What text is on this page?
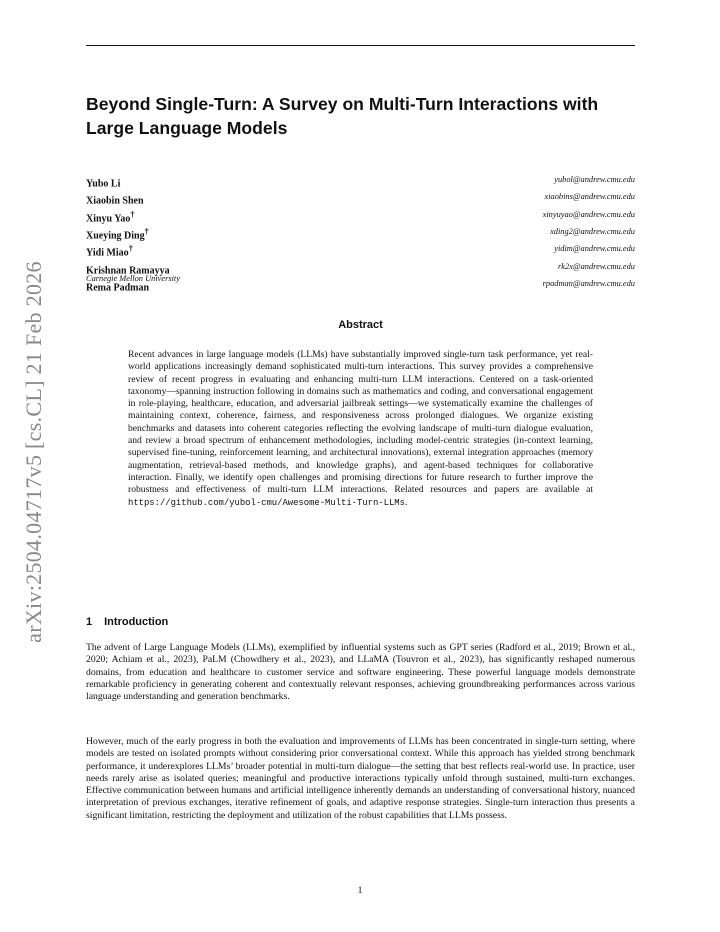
arXiv:2504.04717v5 [cs.CL] 21 Feb 2026
Beyond Single-Turn: A Survey on Multi-Turn Interactions with Large Language Models
Yubo Li	yubol@andrew.cmu.edu
Xiaobin Shen	xiaobins@andrew.cmu.edu
Xinyu Yao†	xinyuyao@andrew.cmu.edu
Xueying Ding†	xding2@andrew.cmu.edu
Yidi Miao†	yidim@andrew.cmu.edu
Krishnan Ramayya	rk2x@andrew.cmu.edu
Rema Padman	rpadman@andrew.cmu.edu
Carnegie Mellon University
Abstract

Recent advances in large language models (LLMs) have substantially improved single-turn task performance, yet real-world applications increasingly demand sophisticated multi-turn interactions. This survey provides a comprehensive review of recent progress in evaluating and enhancing multi-turn LLM interactions. Centered on a task-oriented taxonomy—spanning instruction following in domains such as mathematics and coding, and conversational engagement in role-playing, healthcare, education, and adversarial jailbreak settings—we systematically examine the challenges of maintaining context, coherence, fairness, and responsiveness across prolonged dialogues. We organize existing benchmarks and datasets into coherent categories reflecting the evolving landscape of multi-turn dialogue evaluation, and review a broad spectrum of enhancement methodologies, including model-centric strategies (in-context learning, supervised fine-tuning, reinforcement learning, and architectural innovations), external integration approaches (memory augmentation, retrieval-based methods, and knowledge graphs), and agent-based techniques for collaborative interaction. Finally, we identify open challenges and promising directions for future research to further improve the robustness and effectiveness of multi-turn LLM interactions. Related resources and papers are available at https://github.com/yubol-cmu/Awesome-Multi-Turn-LLMs.

1 Introduction

The advent of Large Language Models (LLMs), exemplified by influential systems such as GPT series (Radford et al., 2019; Brown et al., 2020; Achiam et al., 2023), PaLM (Chowdhery et al., 2023), and LLaMA (Touvron et al., 2023), has significantly reshaped numerous domains, from education and healthcare to customer service and software engineering. These powerful language models demonstrate remarkable proficiency in generating coherent and contextually relevant responses, achieving groundbreaking performances across various language understanding and generation benchmarks.

However, much of the early progress in both the evaluation and improvements of LLMs has been concentrated in single-turn setting, where models are tested on isolated prompts without considering prior conversational context. While this approach has yielded strong benchmark performance, it underexplores LLMs’ broader potential in multi-turn dialogue—the setting that best reflects real-world use. In practice, user needs rarely arise as isolated queries; meaningful and productive interactions typically unfold through sustained, multi-turn exchanges. Effective communication between humans and artificial intelligence inherently demands an understanding of conversational history, nuanced interpretation of previous exchanges, iterative refinement of goals, and adaptive response strategies. Single-turn interaction thus presents a significant limitation, restricting the deployment and utilization of the robust capabilities that LLMs possess.

1
